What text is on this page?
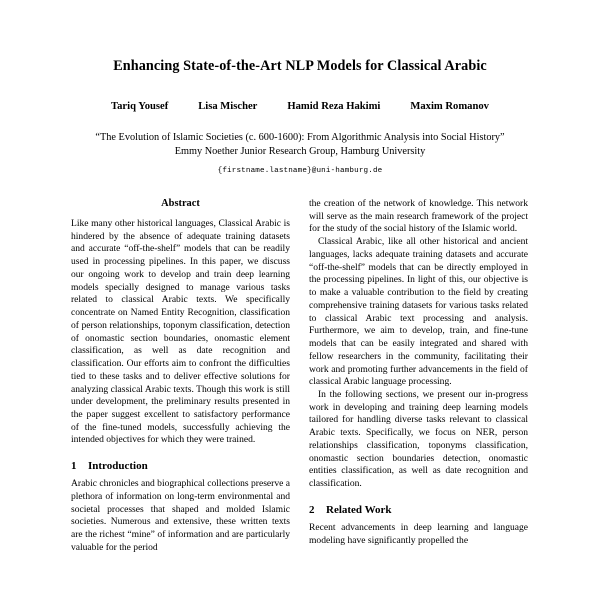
Enhancing State-of-the-Art NLP Models for Classical Arabic
Tariq Yousef	Lisa Mischer	Hamid Reza Hakimi	Maxim Romanov
“The Evolution of Islamic Societies (c. 600-1600): From Algorithmic Analysis into Social History”
Emmy Noether Junior Research Group, Hamburg University
{firstname.lastname}@uni-hamburg.de
Abstract

Like many other historical languages, Classical Arabic is hindered by the absence of adequate training datasets and accurate “off-the-shelf” models that can be readily used in processing pipelines. In this paper, we discuss our ongoing work to develop and train deep learning models specially designed to manage various tasks related to classical Arabic texts. We specifically concentrate on Named Entity Recognition, classification of person relationships, toponym classification, detection of onomastic section boundaries, onomastic element classification, as well as date recognition and classification. Our efforts aim to confront the difficulties tied to these tasks and to deliver effective solutions for analyzing classical Arabic texts. Though this work is still under development, the preliminary results presented in the paper suggest excellent to satisfactory performance of the fine-tuned models, successfully achieving the intended objectives for which they were trained.

1 Introduction

Arabic chronicles and biographical collections preserve a plethora of information on long-term environmental and societal processes that shaped and molded Islamic societies. Numerous and extensive, these written texts are the richest “mine” of information and are particularly valuable for the period

the creation of the network of knowledge. This network will serve as the main research framework of the project for the study of the social history of the Islamic world.

Classical Arabic, like all other historical and ancient languages, lacks adequate training datasets and accurate “off-the-shelf” models that can be directly employed in the processing pipelines. In light of this, our objective is to make a valuable contribution to the field by creating comprehensive training datasets for various tasks related to classical Arabic text processing and analysis. Furthermore, we aim to develop, train, and fine-tune models that can be easily integrated and shared with fellow researchers in the community, facilitating their work and promoting further advancements in the field of classical Arabic language processing.

In the following sections, we present our in-progress work in developing and training deep learning models tailored for handling diverse tasks relevant to classical Arabic texts. Specifically, we focus on NER, person relationships classification, toponyms classification, onomastic section boundaries detection, onomastic entities classification, as well as date recognition and classification.

2 Related Work

Recent advancements in deep learning and language modeling have significantly propelled the
